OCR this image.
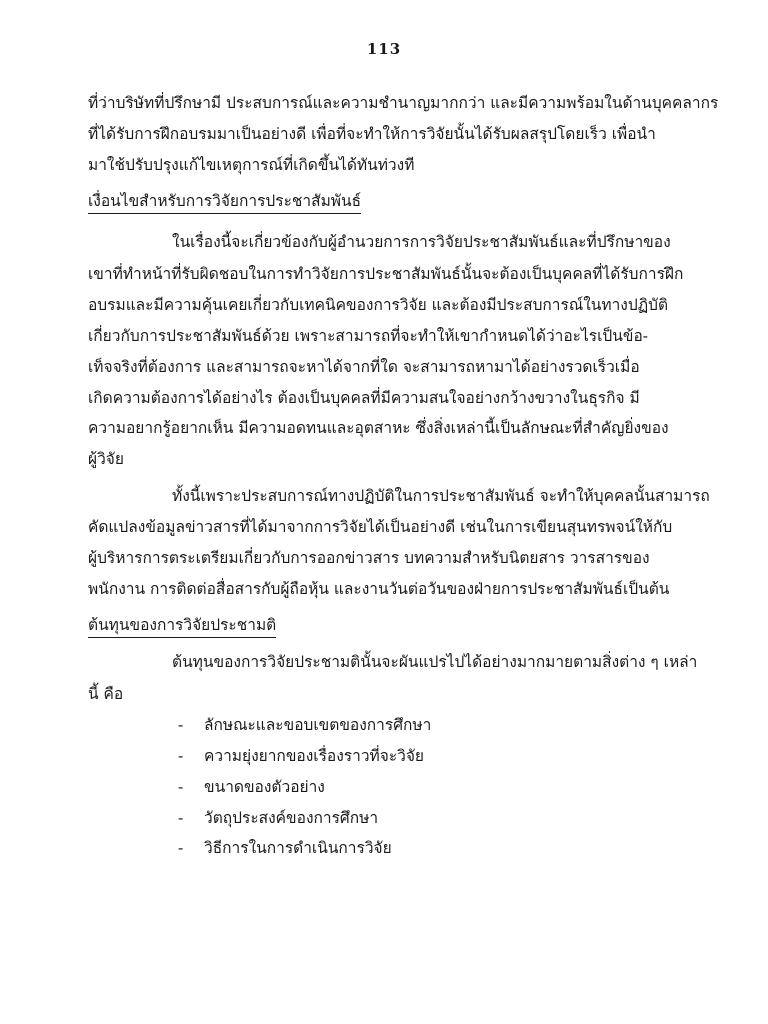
113
ที่ว่าบริษัทที่ปรึกษามี ประสบการณ์และความชำนาญมากกว่า และมีความพร้อมในด้านบุคคลากร
ที่ได้รับการฝึกอบรมมาเป็นอย่างดี เพื่อที่จะทำให้การวิจัยนั้นได้รับผลสรุปโดยเร็ว เพื่อนำ
มาใช้ปรับปรุงแก้ไขเหตุการณ์ที่เกิดขึ้นได้ทันท่วงที
เงื่อนไขสำหรับการวิจัยการประชาสัมพันธ์
ในเรื่องนี้จะเกี่ยวข้องกับผู้อำนวยการการวิจัยประชาสัมพันธ์และที่ปรึกษาของ
เขาที่ทำหน้าที่รับผิดชอบในการทำวิจัยการประชาสัมพันธ์นั้นจะต้องเป็นบุคคลที่ได้รับการฝึก
อบรมและมีความคุ้นเคยเกี่ยวกับเทคนิคของการวิจัย และต้องมีประสบการณ์ในทางปฏิบัติ
เกี่ยวกับการประชาสัมพันธ์ด้วย เพราะสามารถที่จะทำให้เขากำหนดได้ว่าอะไรเป็นข้อ-
เท็จจริงที่ต้องการ และสามารถจะหาได้จากที่ใด จะสามารถหามาได้อย่างรวดเร็วเมื่อ
เกิดความต้องการได้อย่างไร ต้องเป็นบุคคลที่มีความสนใจอย่างกว้างขวางในธุรกิจ มี
ความอยากรู้อยากเห็น มีความอดทนและอุตสาหะ ซึ่งสิ่งเหล่านี้เป็นลักษณะที่สำคัญยิ่งของ
ผู้วิจัย
ทั้งนี้เพราะประสบการณ์ทางปฏิบัติในการประชาสัมพันธ์ จะทำให้บุคคลนั้นสามารถ
คัดแปลงข้อมูลข่าวสารที่ได้มาจากการวิจัยได้เป็นอย่างดี เช่นในการเขียนสุนทรพจน์ให้กับ
ผู้บริหารการตระเตรียมเกี่ยวกับการออกข่าวสาร บทความสำหรับนิตยสาร วารสารของ
พนักงาน การติดต่อสื่อสารกับผู้ถือหุ้น และงานวันต่อวันของฝ่ายการประชาสัมพันธ์เป็นต้น
ต้นทุนของการวิจัยประชามติ
ต้นทุนของการวิจัยประชามตินั้นจะผันแปรไปได้อย่างมากมายตามสิ่งต่าง ๆ เหล่า
นี้ คือ
- ลักษณะและขอบเขตของการศึกษา
- ความยุ่งยากของเรื่องราวที่จะวิจัย
- ขนาดของตัวอย่าง
- วัตถุประสงค์ของการศึกษา
- วิธีการในการดำเนินการวิจัย
